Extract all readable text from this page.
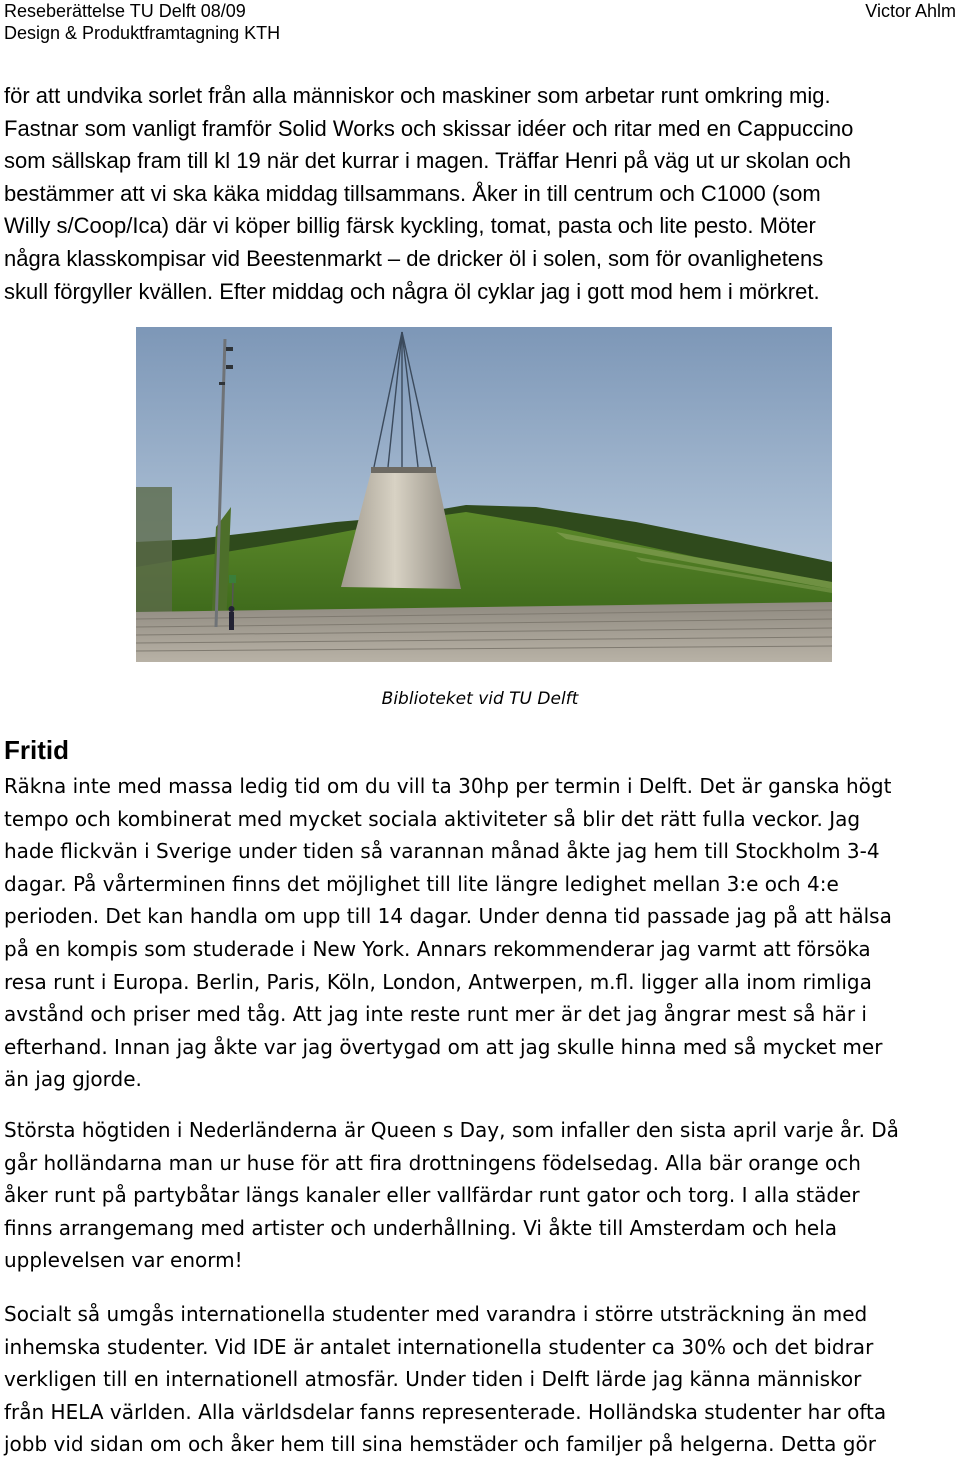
Reseberättelse TU Delft 08/09	Victor Ahlm
Design & Produktframtagning KTH
för att undvika sorlet från alla människor och maskiner som arbetar runt omkring mig.
Fastnar som vanligt framför Solid Works och skissar idéer och ritar med en Cappuccino
som sällskap fram till kl 19 när det kurrar i magen. Träffar Henri på väg ut ur skolan och
bestämmer att vi ska käka middag tillsammans. Åker in till centrum och C1000 (som
Willy s/Coop/Ica) där vi köper billig färsk kyckling, tomat, pasta och lite pesto. Möter
några klasskompisar vid Beestenmarkt – de dricker öl i solen, som för ovanlighetens
skull förgyller kvällen. Efter middag och några öl cyklar jag i gott mod hem i mörkret.
Biblioteket vid TU Delft
Fritid
Räkna inte med massa ledig tid om du vill ta 30hp per termin i Delft. Det är ganska högt
tempo och kombinerat med mycket sociala aktiviteter så blir det rätt fulla veckor. Jag
hade flickvän i Sverige under tiden så varannan månad åkte jag hem till Stockholm 3-4
dagar. På vårterminen finns det möjlighet till lite längre ledighet mellan 3:e och 4:e
perioden. Det kan handla om upp till 14 dagar. Under denna tid passade jag på att hälsa
på en kompis som studerade i New York. Annars rekommenderar jag varmt att försöka
resa runt i Europa. Berlin, Paris, Köln, London, Antwerpen, m.fl. ligger alla inom rimliga
avstånd och priser med tåg. Att jag inte reste runt mer är det jag ångrar mest så här i
efterhand. Innan jag åkte var jag övertygad om att jag skulle hinna med så mycket mer
än jag gjorde.
Största högtiden i Nederländerna är Queen s Day, som infaller den sista april varje år. Då
går holländarna man ur huse för att fira drottningens födelsedag. Alla bär orange och
åker runt på partybåtar längs kanaler eller vallfärdar runt gator och torg. I alla städer
finns arrangemang med artister och underhållning. Vi åkte till Amsterdam och hela
upplevelsen var enorm!
Socialt så umgås internationella studenter med varandra i större utsträckning än med
inhemska studenter. Vid IDE är antalet internationella studenter ca 30% och det bidrar
verkligen till en internationell atmosfär. Under tiden i Delft lärde jag känna människor
från HELA världen. Alla världsdelar fanns representerade. Holländska studenter har ofta
jobb vid sidan om och åker hem till sina hemstäder och familjer på helgerna. Detta gör
